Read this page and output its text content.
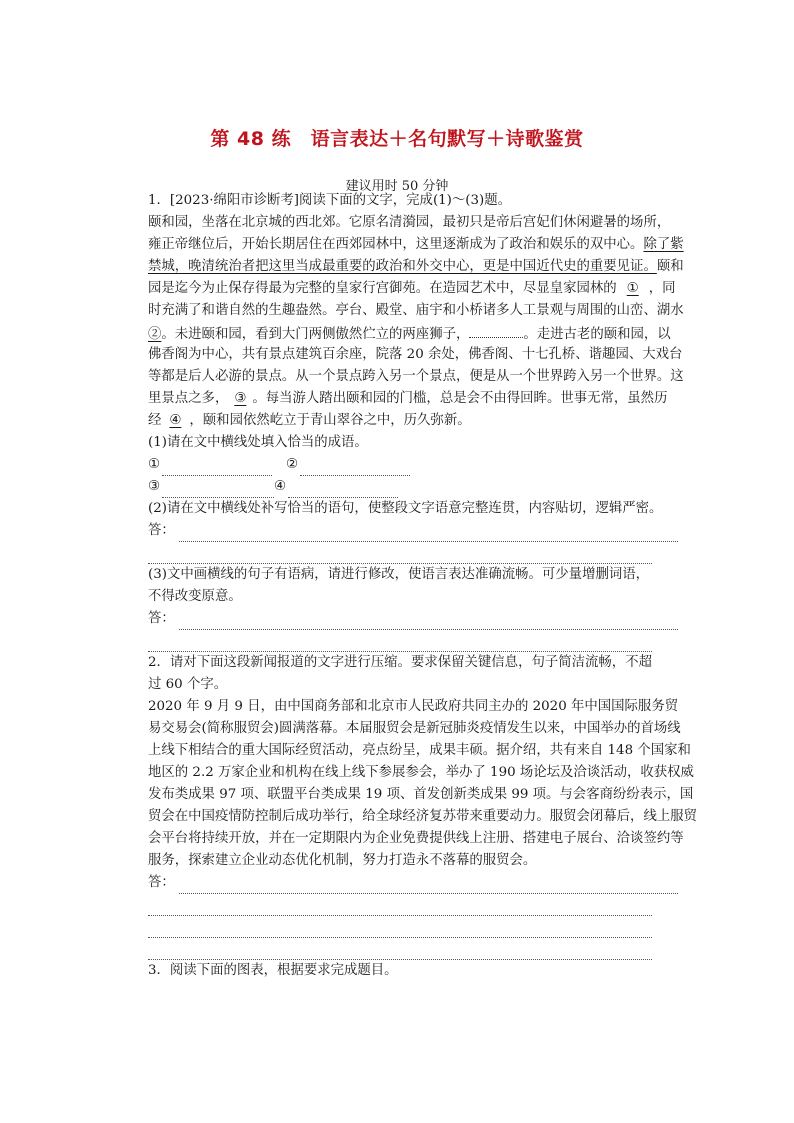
第 48 练　语言表达＋名句默写＋诗歌鉴赏
建议用时 50 分钟
1．[2023·绵阳市诊断考]阅读下面的文字，完成(1)～(3)题。
颐和园，坐落在北京城的西北郊。它原名清漪园，最初只是帝后宫妃们休闲避暑的场所，
雍正帝继位后，开始长期居住在西郊园林中，这里逐渐成为了政治和娱乐的双中心。除了紫
禁城，晚清统治者把这里当成最重要的政治和外交中心，更是中国近代史的重要见证。颐和
园是迄今为止保存得最为完整的皇家行宫御苑。在造园艺术中，尽显皇家园林的 ① ，同
时充满了和谐自然的生趣盎然。亭台、殿堂、庙宇和小桥诸多人工景观与周围的山峦、湖水
②。未进颐和园，看到大门两侧傲然伫立的两座狮子，	。走进古老的颐和园，以
佛香阁为中心，共有景点建筑百余座，院落 20 余处，佛香阁、十七孔桥、谐趣园、大戏台
等都是后人必游的景点。从一个景点跨入另一个景点，便是从一个世界跨入另一个世界。这
里景点之多， ③ 。每当游人踏出颐和园的门槛，总是会不由得回眸。世事无常，虽然历
经 ④ ，颐和园依然屹立于青山翠谷之中，历久弥新。
(1)请在文中横线处填入恰当的成语。
①	②
③	④
(2)请在文中横线处补写恰当的语句，使整段文字语意完整连贯，内容贴切，逻辑严密。
答：
(3)文中画横线的句子有语病，请进行修改，使语言表达准确流畅。可少量增删词语，
不得改变原意。
答：
2．请对下面这段新闻报道的文字进行压缩。要求保留关键信息，句子简洁流畅，不超
过 60 个字。
2020 年 9 月 9 日，由中国商务部和北京市人民政府共同主办的 2020 年中国国际服务贸
易交易会(简称服贸会)圆满落幕。本届服贸会是新冠肺炎疫情发生以来，中国举办的首场线
上线下相结合的重大国际经贸活动，亮点纷呈，成果丰硕。据介绍，共有来自 148 个国家和
地区的 2.2 万家企业和机构在线上线下参展参会，举办了 190 场论坛及洽谈活动，收获权威
发布类成果 97 项、联盟平台类成果 19 项、首发创新类成果 99 项。与会客商纷纷表示，国
贸会在中国疫情防控制后成功举行，给全球经济复苏带来重要动力。服贸会闭幕后，线上服贸
会平台将持续开放，并在一定期限内为企业免费提供线上注册、搭建电子展台、洽谈签约等
服务，探索建立企业动态优化机制，努力打造永不落幕的服贸会。
答：
3．阅读下面的图表，根据要求完成题目。
